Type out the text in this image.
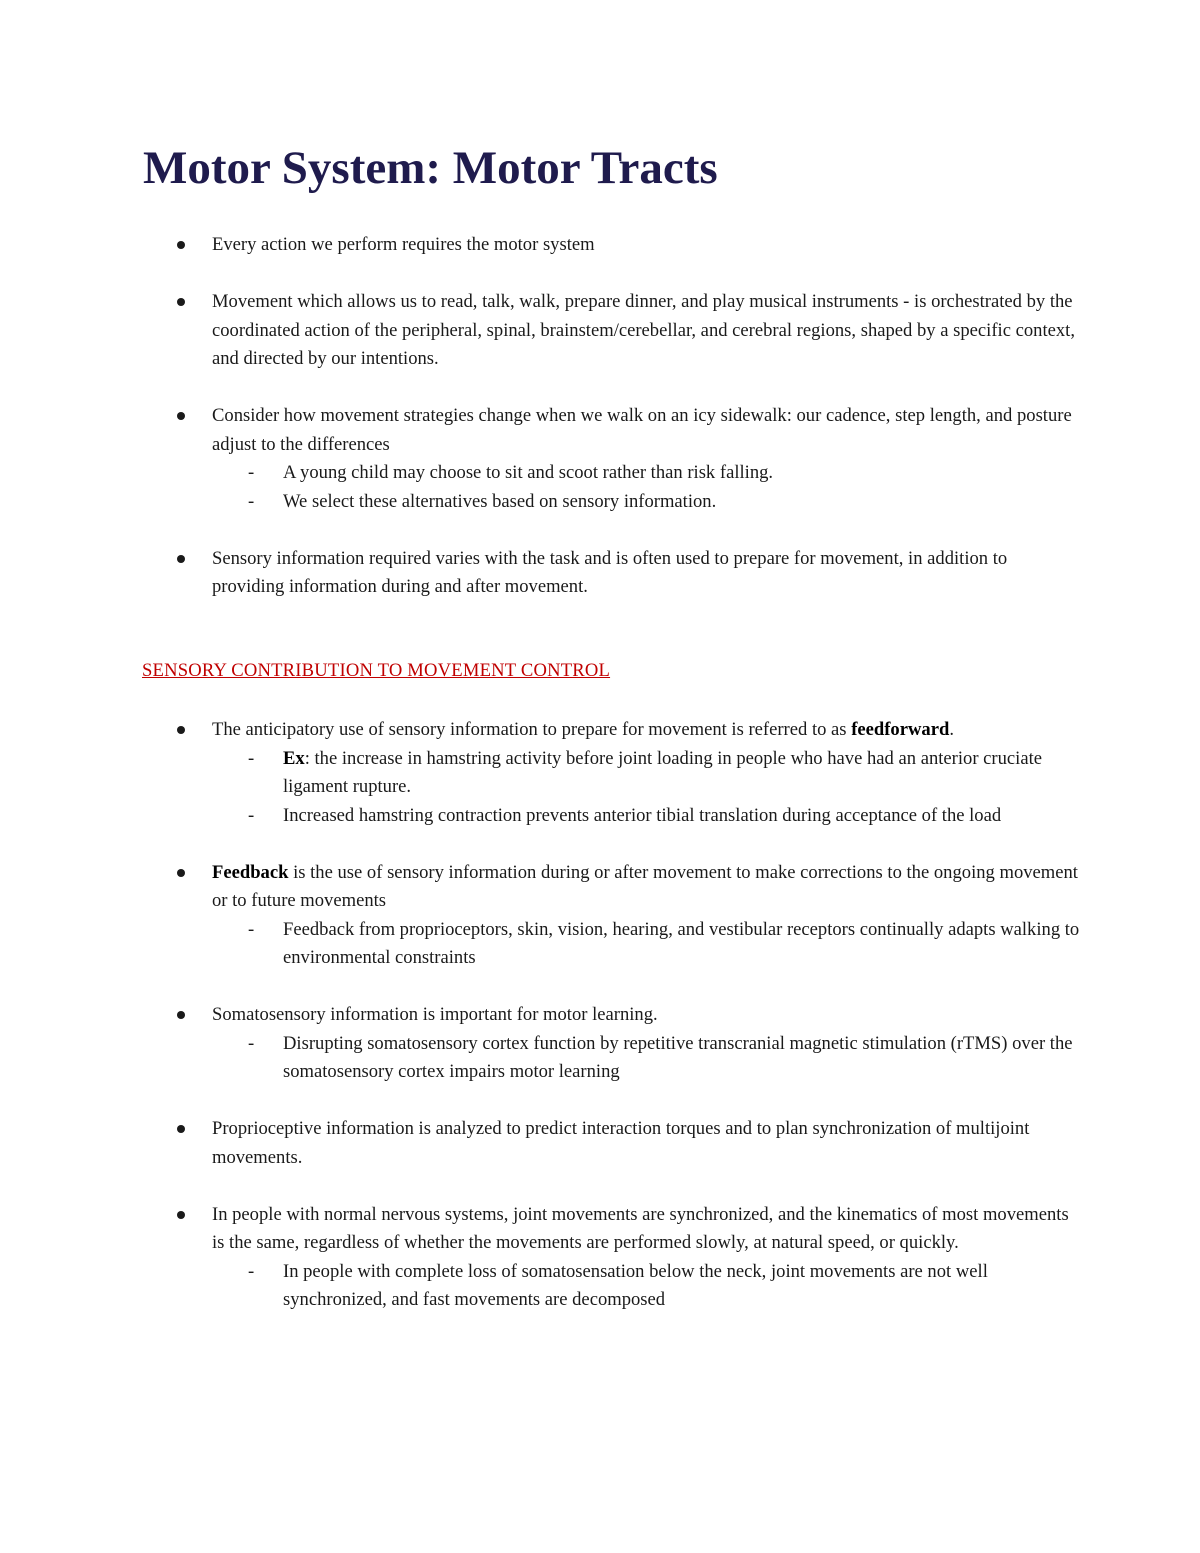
Motor System: Motor Tracts
Every action we perform requires the motor system
Movement which allows us to read, talk, walk, prepare dinner, and play musical instruments - is orchestrated by the coordinated action of the peripheral, spinal, brainstem/cerebellar, and cerebral regions, shaped by a specific context, and directed by our intentions.
Consider how movement strategies change when we walk on an icy sidewalk: our cadence, step length, and posture adjust to the differences
- A young child may choose to sit and scoot rather than risk falling.
- We select these alternatives based on sensory information.
Sensory information required varies with the task and is often used to prepare for movement, in addition to providing information during and after movement.
SENSORY CONTRIBUTION TO MOVEMENT CONTROL
The anticipatory use of sensory information to prepare for movement is referred to as feedforward.
- Ex: the increase in hamstring activity before joint loading in people who have had an anterior cruciate ligament rupture.
- Increased hamstring contraction prevents anterior tibial translation during acceptance of the load
Feedback is the use of sensory information during or after movement to make corrections to the ongoing movement or to future movements
- Feedback from proprioceptors, skin, vision, hearing, and vestibular receptors continually adapts walking to environmental constraints
Somatosensory information is important for motor learning.
- Disrupting somatosensory cortex function by repetitive transcranial magnetic stimulation (rTMS) over the somatosensory cortex impairs motor learning
Proprioceptive information is analyzed to predict interaction torques and to plan synchronization of multijoint movements.
In people with normal nervous systems, joint movements are synchronized, and the kinematics of most movements is the same, regardless of whether the movements are performed slowly, at natural speed, or quickly.
- In people with complete loss of somatosensation below the neck, joint movements are not well synchronized, and fast movements are decomposed
